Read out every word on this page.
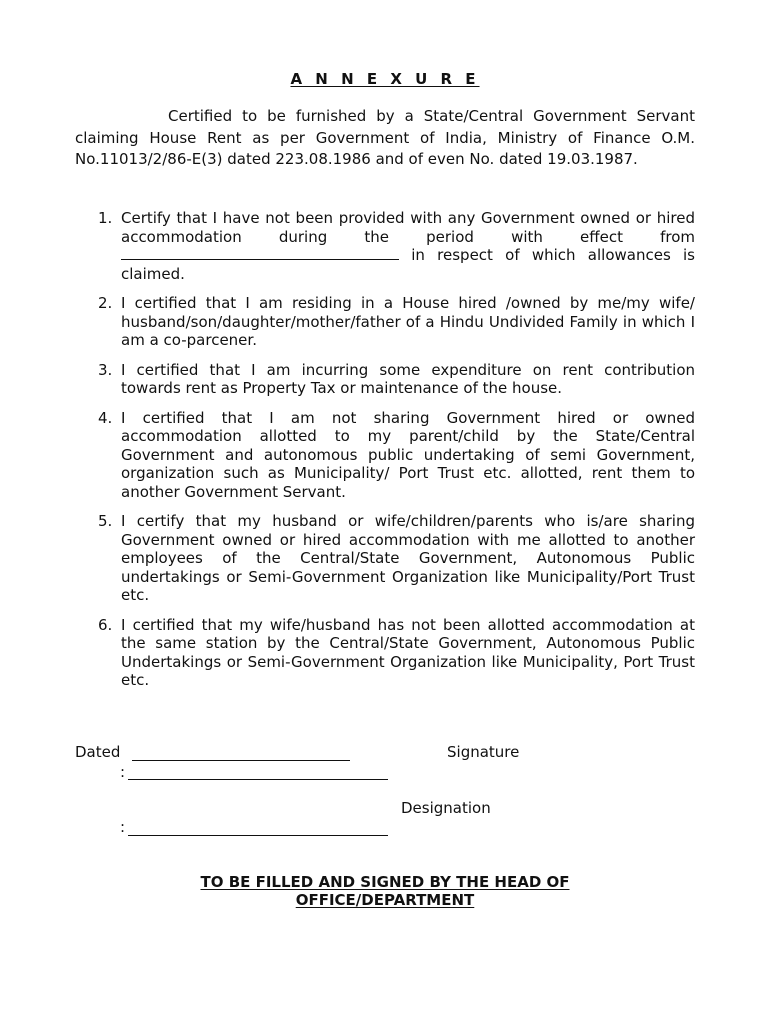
A N N E X U R E

Certified to be furnished by a State/Central Government Servant claiming House Rent as per Government of India, Ministry of Finance O.M. No.11013/2/86-E(3) dated 223.08.1986 and of even No. dated 19.03.1987.

1. Certify that I have not been provided with any Government owned or hired accommodation during the period with effect from  in respect of which allowances is claimed.
2. I certified that I am residing in a House hired /owned by me/my wife/ husband/son/daughter/mother/father of a Hindu Undivided Family in which I am a co-parcener.
3. I certified that I am incurring some expenditure on rent contribution towards rent as Property Tax or maintenance of the house.
4. I certified that I am not sharing Government hired or owned accommodation allotted to my parent/child by the State/Central Government and autonomous public undertaking of semi Government, organization such as Municipality/ Port Trust etc. allotted, rent them to another Government Servant.
5. I certify that my husband or wife/children/parents who is/are sharing Government owned or hired accommodation with me allotted to another employees of the Central/State Government, Autonomous Public undertakings or Semi-Government Organization like Municipality/Port Trust etc.
6. I certified that my wife/husband has not been allotted accommodation at the same station by the Central/State Government, Autonomous Public Undertakings or Semi-Government Organization like Municipality, Port Trust etc.
Dated	Signature
:
Designation
:
TO BE FILLED AND SIGNED BY THE HEAD OF
OFFICE/DEPARTMENT
